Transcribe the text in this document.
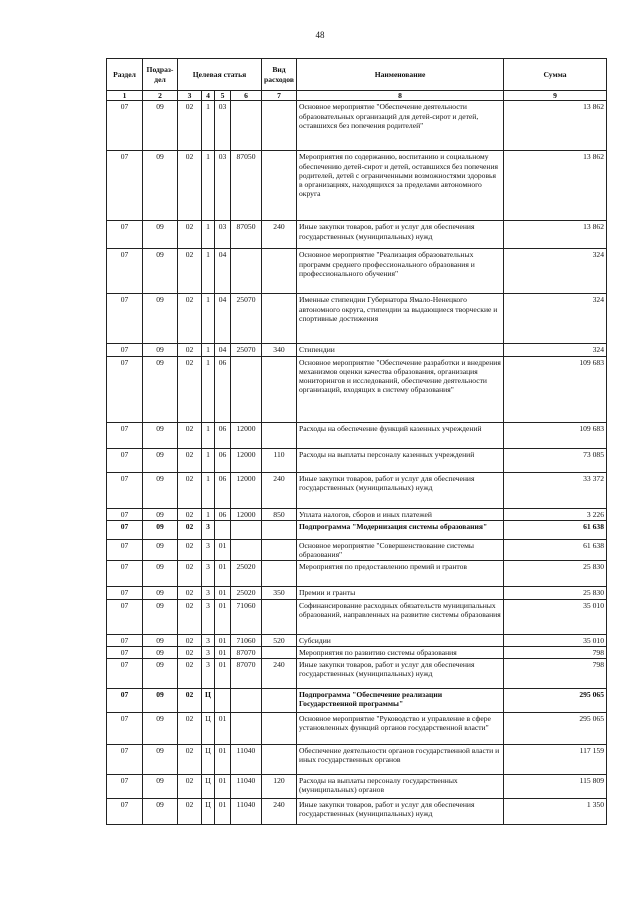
48
Раздел	Подраз-дел	Целевая статья				Вид расходов	Наименование	Сумма
1	2	3	4	5	6	7	8	9
07	09	02	1	03			Основное мероприятие "Обеспечение деятельности образовательных организаций для детей-сирот и детей, оставшихся без попечения родителей"	13 862
07	09	02	1	03	87050		Мероприятия по содержанию, воспитанию и социальному обеспечению детей-сирот и детей, оставшихся без попечения родителей, детей с ограниченными возможностями здоровья в организациях, находящихся за пределами автономного округа	13 862
07	09	02	1	03	87050	240	Иные закупки товаров, работ и услуг для обеспечения государственных (муниципальных) нужд	13 862
07	09	02	1	04			Основное мероприятие "Реализация образовательных программ среднего профессионального образования и профессионального обучения"	324
07	09	02	1	04	25070		Именные стипендии Губернатора Ямало-Ненецкого автономного округа, стипендии за выдающиеся творческие и спортивные достижения	324
07	09	02	1	04	25070	340	Стипендии	324
07	09	02	1	06			Основное мероприятие "Обеспечение разработки и внедрения механизмов оценки качества образования, организация мониторингов и исследований, обеспечение деятельности организаций, входящих в систему образования"	109 683
07	09	02	1	06	12000		Расходы на обеспечение функций казенных учреждений	109 683
07	09	02	1	06	12000	110	Расходы на выплаты персоналу казенных учреждений	73 085
07	09	02	1	06	12000	240	Иные закупки товаров, работ и услуг для обеспечения государственных (муниципальных) нужд	33 372
07	09	02	1	06	12000	850	Уплата налогов, сборов и иных платежей	3 226
07	09	02	3				Подпрограмма "Модернизация системы образования"	61 638
07	09	02	3	01			Основное мероприятие "Совершенствование системы образования"	61 638
07	09	02	3	01	25020		Мероприятия по предоставлению премий и грантов	25 830
07	09	02	3	01	25020	350	Премии и гранты	25 830
07	09	02	3	01	71060		Софинансирование расходных обязательств муниципальных образований, направленных на развитие системы образования	35 010
07	09	02	3	01	71060	520	Субсидии	35 010
07	09	02	3	01	87070		Мероприятия по развитию системы образования	798
07	09	02	3	01	87070	240	Иные закупки товаров, работ и услуг для обеспечения государственных (муниципальных) нужд	798
07	09	02	Ц				Подпрограмма "Обеспечение реализации Государственной программы"	295 065
07	09	02	Ц	01			Основное мероприятие "Руководство и управление в сфере установленных функций органов государственной власти"	295 065
07	09	02	Ц	01	11040		Обеспечение деятельности органов государственной власти и иных государственных органов	117 159
07	09	02	Ц	01	11040	120	Расходы на выплаты персоналу государственных (муниципальных) органов	115 809
07	09	02	Ц	01	11040	240	Иные закупки товаров, работ и услуг для обеспечения государственных (муниципальных) нужд	1 350
